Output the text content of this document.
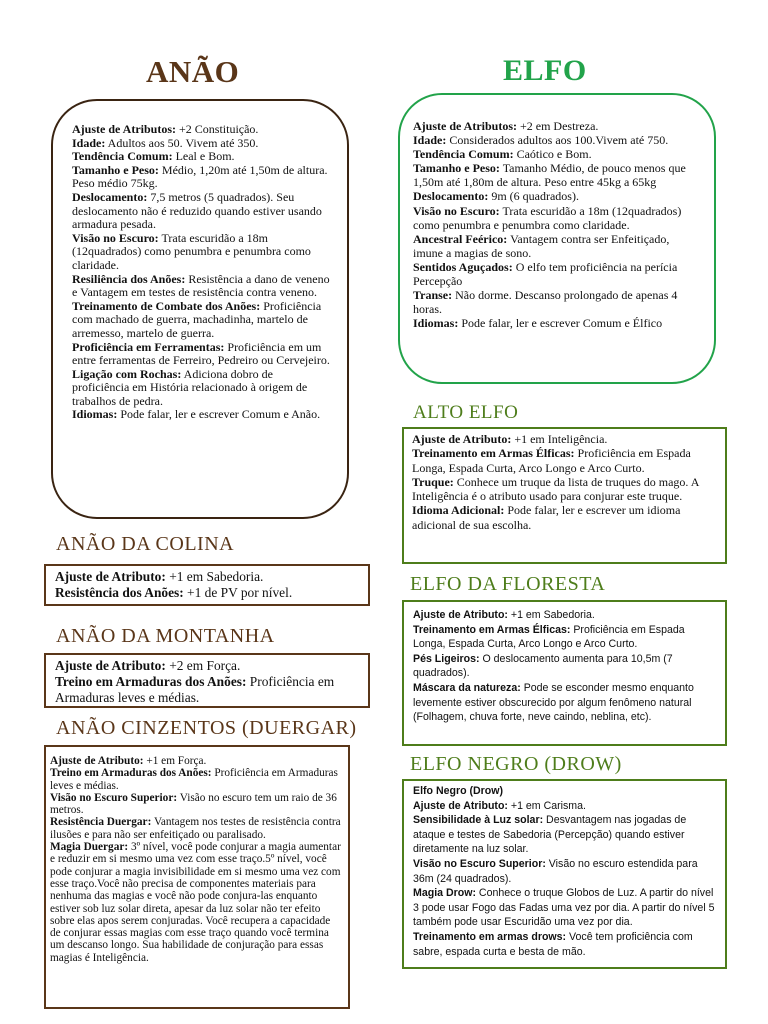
ANÃO

Ajuste de Atributos: +2 Constituição.

Idade: Adultos aos 50. Vivem até 350.

Tendência Comum: Leal e Bom.

Tamanho e Peso: Médio, 1,20m até 1,50m de altura. Peso médio 75kg.

Deslocamento: 7,5 metros (5 quadrados). Seu deslocamento não é reduzido quando estiver usando armadura pesada.

Visão no Escuro: Trata escuridão a 18m (12quadrados) como penumbra e penumbra como claridade.

Resiliência dos Anões: Resistência a dano de veneno e Vantagem em testes de resistência contra veneno.

Treinamento de Combate dos Anões: Proficiência com machado de guerra, machadinha, martelo de arremesso, martelo de guerra.

Proficiência em Ferramentas: Proficiência em um entre ferramentas de Ferreiro, Pedreiro ou Cervejeiro.

Ligação com Rochas: Adiciona dobro de proficiência em História relacionado à origem de trabalhos de pedra.

Idiomas: Pode falar, ler e escrever Comum e Anão.

ANÃO DA COLINA

Ajuste de Atributo: +1 em Sabedoria.

Resistência dos Anões: +1 de PV por nível.

ANÃO DA MONTANHA

Ajuste de Atributo: +2 em Força.

Treino em Armaduras dos Anões: Proficiência em Armaduras leves e médias.

ANÃO CINZENTOS (DUERGAR)

Ajuste de Atributo: +1 em Força.

Treino em Armaduras dos Anões: Proficiência em Armaduras leves e médias.

Visão no Escuro Superior: Visão no escuro tem um raio de 36 metros.

Resistência Duergar: Vantagem nos testes de resistência contra ilusões e para não ser enfeitiçado ou paralisado.

Magia Duergar: 3º nível, você pode conjurar a magia aumentar e reduzir em si mesmo uma vez com esse traço.5º nível, você pode conjurar a magia invisibilidade em si mesmo uma vez com esse traço.Você não precisa de componentes materiais para nenhuma das magias e você não pode conjura-las enquanto estiver sob luz solar direta, apesar da luz solar não ter efeito sobre elas apos serem conjuradas. Você recupera a capacidade de conjurar essas magias com esse traço quando você termina um descanso longo. Sua habilidade de conjuração para essas magias é Inteligência.

ELFO

Ajuste de Atributos: +2 em Destreza.

Idade: Considerados adultos aos 100.Vivem até 750.

Tendência Comum: Caótico e Bom.

Tamanho e Peso: Tamanho Médio, de pouco menos que 1,50m até 1,80m de altura. Peso entre 45kg a 65kg

Deslocamento: 9m (6 quadrados).

Visão no Escuro: Trata escuridão a 18m (12quadrados) como penumbra e penumbra como claridade.

Ancestral Feérico: Vantagem contra ser Enfeitiçado, imune a magias de sono.

Sentidos Aguçados: O elfo tem proficiência na perícia Percepção

Transe: Não dorme. Descanso prolongado de apenas 4 horas.

Idiomas: Pode falar, ler e escrever Comum e Élfico

ALTO ELFO

Ajuste de Atributo: +1 em Inteligência.

Treinamento em Armas Élficas: Proficiência em Espada Longa, Espada Curta, Arco Longo e Arco Curto.

Truque: Conhece um truque da lista de truques do mago. A Inteligência é o atributo usado para conjurar este truque.

Idioma Adicional: Pode falar, ler e escrever um idioma adicional de sua escolha.

ELFO DA FLORESTA

Ajuste de Atributo: +1 em Sabedoria.

Treinamento em Armas Élficas: Proficiência em Espada Longa, Espada Curta, Arco Longo e Arco Curto.

Pés Ligeiros: O deslocamento aumenta para 10,5m (7 quadrados).

Máscara da natureza: Pode se esconder mesmo enquanto levemente estiver obscurecido por algum fenômeno natural (Folhagem, chuva forte, neve caindo, neblina, etc).

ELFO NEGRO (DROW)

Elfo Negro (Drow)

Ajuste de Atributo: +1 em Carisma.

Sensibilidade à Luz solar: Desvantagem nas jogadas de ataque e testes de Sabedoria (Percepção) quando estiver diretamente na luz solar.

Visão no Escuro Superior: Visão no escuro estendida para 36m (24 quadrados).

Magia Drow: Conhece o truque Globos de Luz. A partir do nível 3 pode usar Fogo das Fadas uma vez por dia. A partir do nível 5 também pode usar Escuridão uma vez por dia.

Treinamento em armas drows: Você tem proficiência com sabre, espada curta e besta de mão.
